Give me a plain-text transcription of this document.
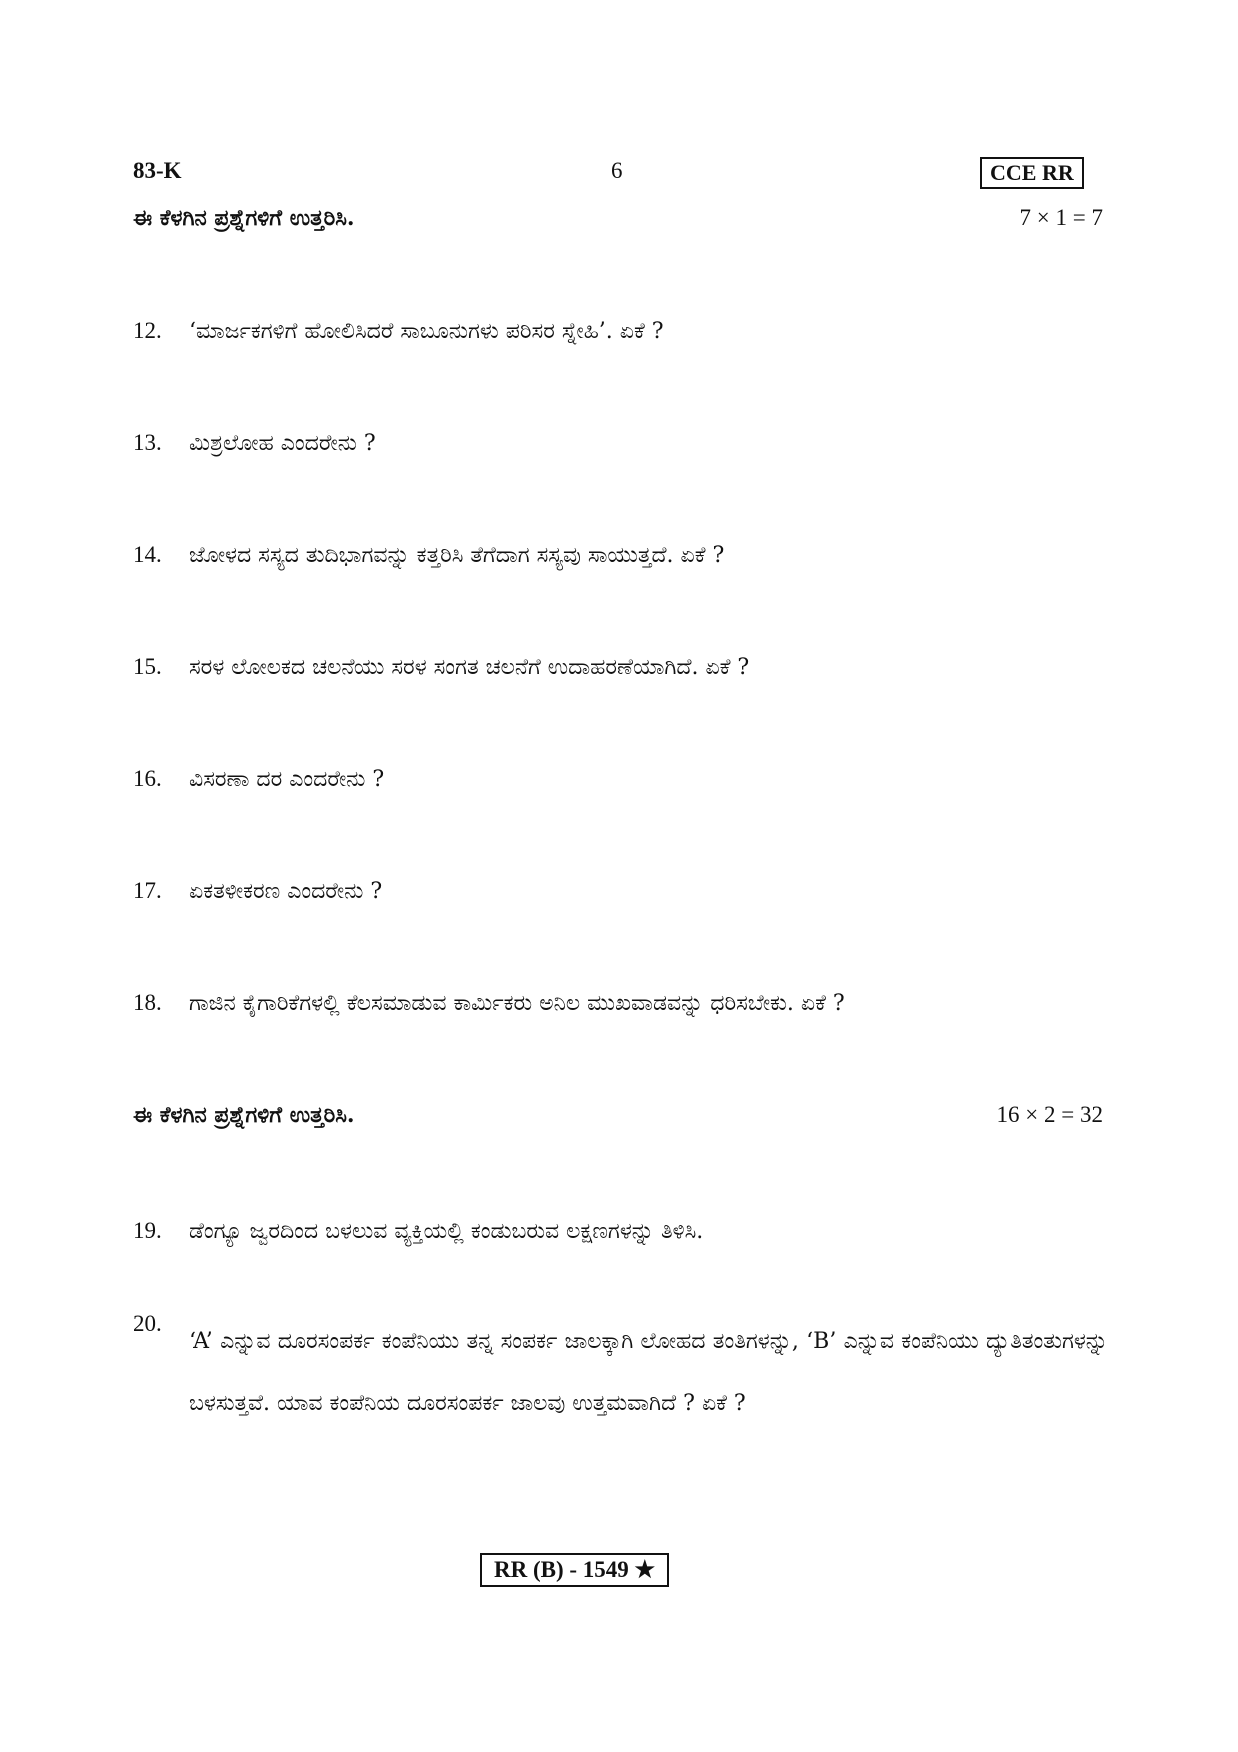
83-K	6	CCE RR
ಈ ಕೆಳಗಿನ ಪ್ರಶ್ನೆಗಳಿಗೆ ಉತ್ತರಿಸಿ.	7 × 1 = 7
12. ‘ಮಾರ್ಜಕಗಳಿಗೆ ಹೋಲಿಸಿದರೆ ಸಾಬೂನುಗಳು ಪರಿಸರ ಸ್ನೇಹಿ’. ಏಕೆ ?
13. ಮಿಶ್ರಲೋಹ ಎಂದರೇನು ?
14. ಜೋಳದ ಸಸ್ಯದ ತುದಿಭಾಗವನ್ನು ಕತ್ತರಿಸಿ ತೆಗೆದಾಗ ಸಸ್ಯವು ಸಾಯುತ್ತದೆ. ಏಕೆ ?
15. ಸರಳ ಲೋಲಕದ ಚಲನೆಯು ಸರಳ ಸಂಗತ ಚಲನೆಗೆ ಉದಾಹರಣೆಯಾಗಿದೆ. ಏಕೆ ?
16. ವಿಸರಣಾ ದರ ಎಂದರೇನು ?
17. ಏಕತಳೀಕರಣ ಎಂದರೇನು ?
18. ಗಾಜಿನ ಕೈಗಾರಿಕೆಗಳಲ್ಲಿ ಕೆಲಸಮಾಡುವ ಕಾರ್ಮಿಕರು ಅನಿಲ ಮುಖವಾಡವನ್ನು ಧರಿಸಬೇಕು. ಏಕೆ ?
ಈ ಕೆಳಗಿನ ಪ್ರಶ್ನೆಗಳಿಗೆ ಉತ್ತರಿಸಿ.	16 × 2 = 32
19. ಡೆಂಗ್ಯೂ ಜ್ವರದಿಂದ ಬಳಲುವ ವ್ಯಕ್ತಿಯಲ್ಲಿ ಕಂಡುಬರುವ ಲಕ್ಷಣಗಳನ್ನು ತಿಳಿಸಿ.
20.
‘A’ ಎನ್ನುವ ದೂರಸಂಪರ್ಕ ಕಂಪೆನಿಯು ತನ್ನ ಸಂಪರ್ಕ ಜಾಲಕ್ಕಾಗಿ ಲೋಹದ ತಂತಿಗಳನ್ನು, ‘B’ ಎನ್ನುವ ಕಂಪೆನಿಯು ದ್ಯುತಿತಂತುಗಳನ್ನು ಬಳಸುತ್ತವೆ. ಯಾವ ಕಂಪೆನಿಯ ದೂರಸಂಪರ್ಕ ಜಾಲವು ಉತ್ತಮವಾಗಿದೆ ? ಏಕೆ ?
RR (B) - 1549 ★
